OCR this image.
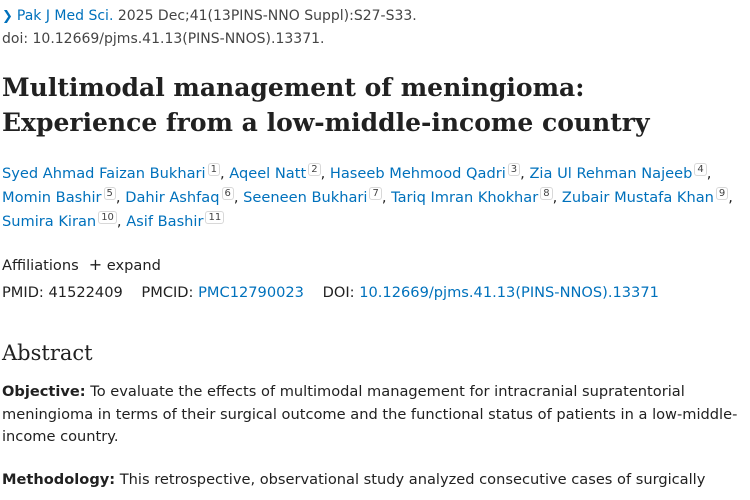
❯ Pak J Med Sci. 2025 Dec;41(13PINS-NNO Suppl):S27-S33.
doi: 10.12669/pjms.41.13(PINS-NNOS).13371.
Multimodal management of meningioma:
Experience from a low-middle-income country
Syed Ahmad Faizan Bukhari $^1$ , Aqeel Natt $^2$ , Haseeb Mehmood Qadri $^3$ , Zia Ul Rehman Najeeb $^4$ ,
Momin Bashir $^5$ , Dahir Ashfaq $^6$ , Seeneen Bukhari $^7$ , Tariq Imran Khokhar $^8$ , Zubair Mustafa Khan $^9$ ,
Sumira Kiran $^{10}$ , Asif Bashir $^{11}$
Affiliations + expand
PMID: 41522409 PMCID: PMC12790023 DOI: 10.12669/pjms.41.13(PINS-NNOS).13371
Abstract

Objective: To evaluate the effects of multimodal management for intracranial supratentorial meningioma in terms of their surgical outcome and the functional status of patients in a low-middle-income country.

Methodology: This retrospective, observational study analyzed consecutive cases of surgically
